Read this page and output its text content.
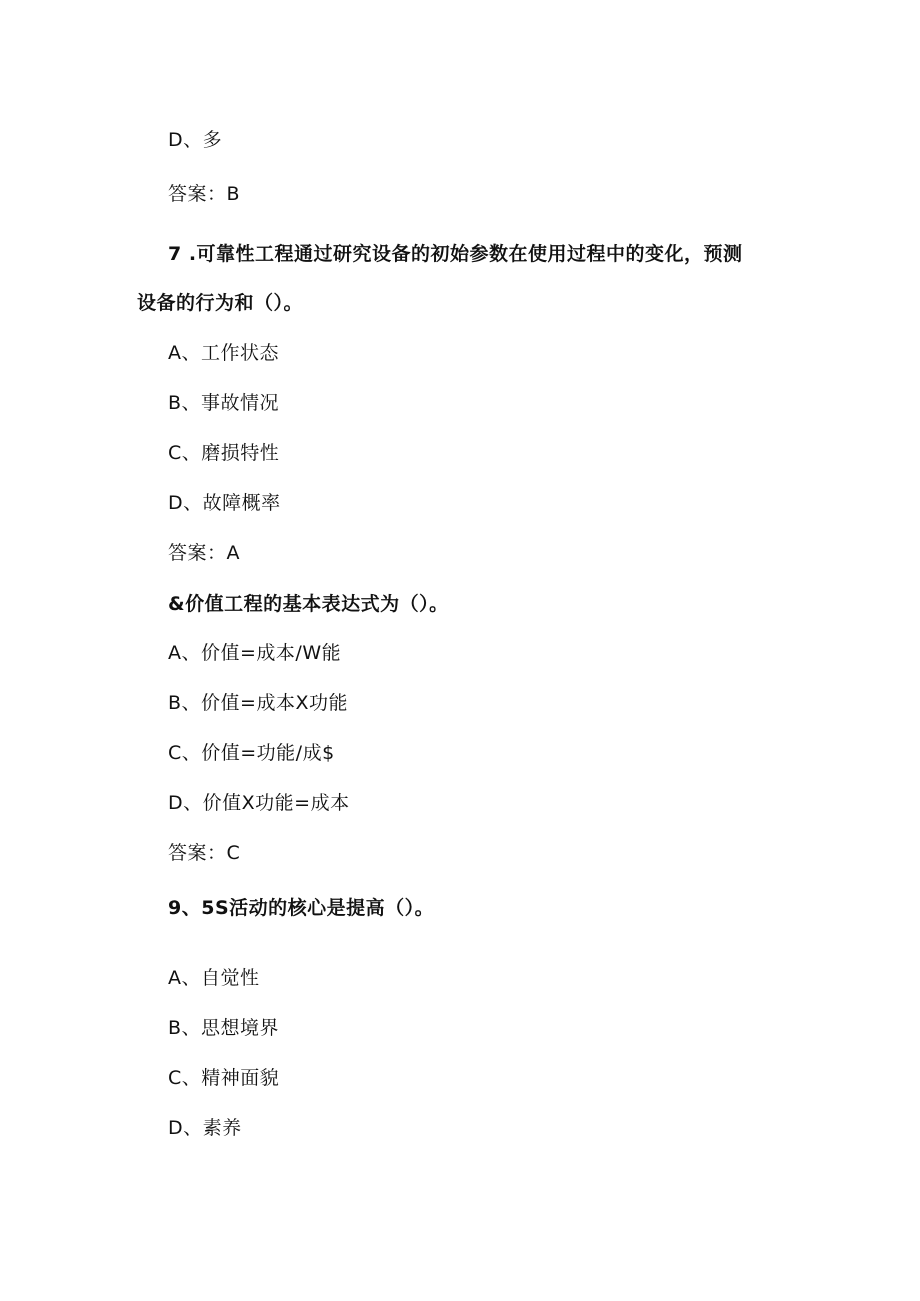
D、多
答案：B
7 .可靠性工程通过研究设备的初始参数在使用过程中的变化，预测
设备的行为和（）。
A、工作状态
B、事故情况
C、磨损特性
D、故障概率
答案：A
&价值工程的基本表达式为（）。
A、价值=成本/W能
B、价值=成本X功能
C、价值=功能/成$
D、价值X功能=成本
答案：C
9、5S活动的核心是提高（）。
A、自觉性
B、思想境界
C、精神面貌
D、素养
